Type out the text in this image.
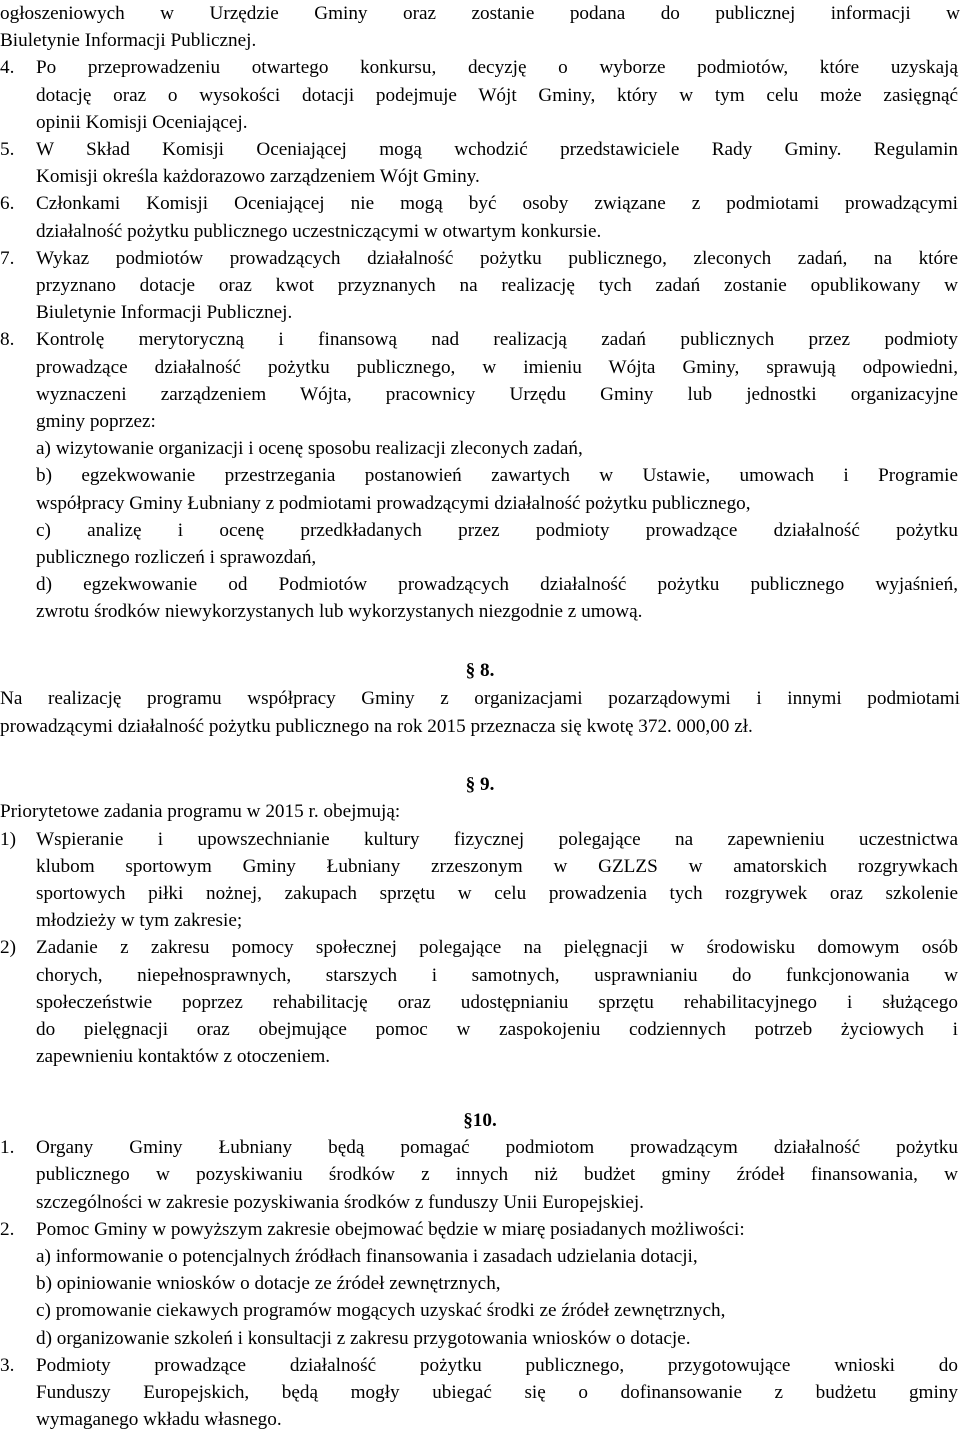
ogłoszeniowych w Urzędzie Gminy oraz zostanie podana do publicznej informacji w
Biuletynie Informacji Publicznej.
4. Po przeprowadzeniu otwartego konkursu, decyzję o wyborze podmiotów, które uzyskają
dotację oraz o wysokości dotacji podejmuje Wójt Gminy, który w tym celu może zasięgnąć
opinii Komisji Oceniającej.
5. W Skład Komisji Oceniającej mogą wchodzić przedstawiciele Rady Gminy. Regulamin
Komisji określa każdorazowo zarządzeniem Wójt Gminy.
6. Członkami Komisji Oceniającej nie mogą być osoby związane z podmiotami prowadzącymi
działalność pożytku publicznego uczestniczącymi w otwartym konkursie.
7. Wykaz podmiotów prowadzących działalność pożytku publicznego, zleconych zadań, na które
przyznano dotacje oraz kwot przyznanych na realizację tych zadań zostanie opublikowany w
Biuletynie Informacji Publicznej.
8. Kontrolę merytoryczną i finansową nad realizacją zadań publicznych przez podmioty
prowadzące działalność pożytku publicznego, w imieniu Wójta Gminy, sprawują odpowiedni,
wyznaczeni zarządzeniem Wójta, pracownicy Urzędu Gminy lub jednostki organizacyjne
gminy poprzez:
a) wizytowanie organizacji i ocenę sposobu realizacji zleconych zadań,
b) egzekwowanie przestrzegania postanowień zawartych w Ustawie, umowach i Programie
współpracy Gminy Łubniany z podmiotami prowadzącymi działalność pożytku publicznego,
c) analizę i ocenę przedkładanych przez podmioty prowadzące działalność pożytku
publicznego rozliczeń i sprawozdań,
d) egzekwowanie od Podmiotów prowadzących działalność pożytku publicznego wyjaśnień,
zwrotu środków niewykorzystanych lub wykorzystanych niezgodnie z umową.
§ 8.
Na realizację programu współpracy Gminy z organizacjami pozarządowymi i innymi podmiotami
prowadzącymi działalność pożytku publicznego na rok 2015 przeznacza się kwotę 372. 000,00 zł.
§ 9.
Priorytetowe zadania programu w 2015 r. obejmują:
1) Wspieranie i upowszechnianie kultury fizycznej polegające na zapewnieniu uczestnictwa
klubom sportowym Gminy Łubniany zrzeszonym w GZLZS w amatorskich rozgrywkach
sportowych piłki nożnej, zakupach sprzętu w celu prowadzenia tych rozgrywek oraz szkolenie
młodzieży w tym zakresie;
2) Zadanie z zakresu pomocy społecznej polegające na pielęgnacji w środowisku domowym osób
chorych, niepełnosprawnych, starszych i samotnych, usprawnianiu do funkcjonowania w
społeczeństwie poprzez rehabilitację oraz udostępnianiu sprzętu rehabilitacyjnego i służącego
do pielęgnacji oraz obejmujące pomoc w zaspokojeniu codziennych potrzeb życiowych i
zapewnieniu kontaktów z otoczeniem.
§10.
1. Organy Gminy Łubniany będą pomagać podmiotom prowadzącym działalność pożytku
publicznego w pozyskiwaniu środków z innych niż budżet gminy źródeł finansowania, w
szczególności w zakresie pozyskiwania środków z funduszy Unii Europejskiej.
2. Pomoc Gminy w powyższym zakresie obejmować będzie w miarę posiadanych możliwości:
a) informowanie o potencjalnych źródłach finansowania i zasadach udzielania dotacji,
b) opiniowanie wniosków o dotacje ze źródeł zewnętrznych,
c) promowanie ciekawych programów mogących uzyskać środki ze źródeł zewnętrznych,
d) organizowanie szkoleń i konsultacji z zakresu przygotowania wniosków o dotacje.
3. Podmioty prowadzące działalność pożytku publicznego, przygotowujące wnioski do
Funduszy Europejskich, będą mogły ubiegać się o dofinansowanie z budżetu gminy
wymaganego wkładu własnego.
